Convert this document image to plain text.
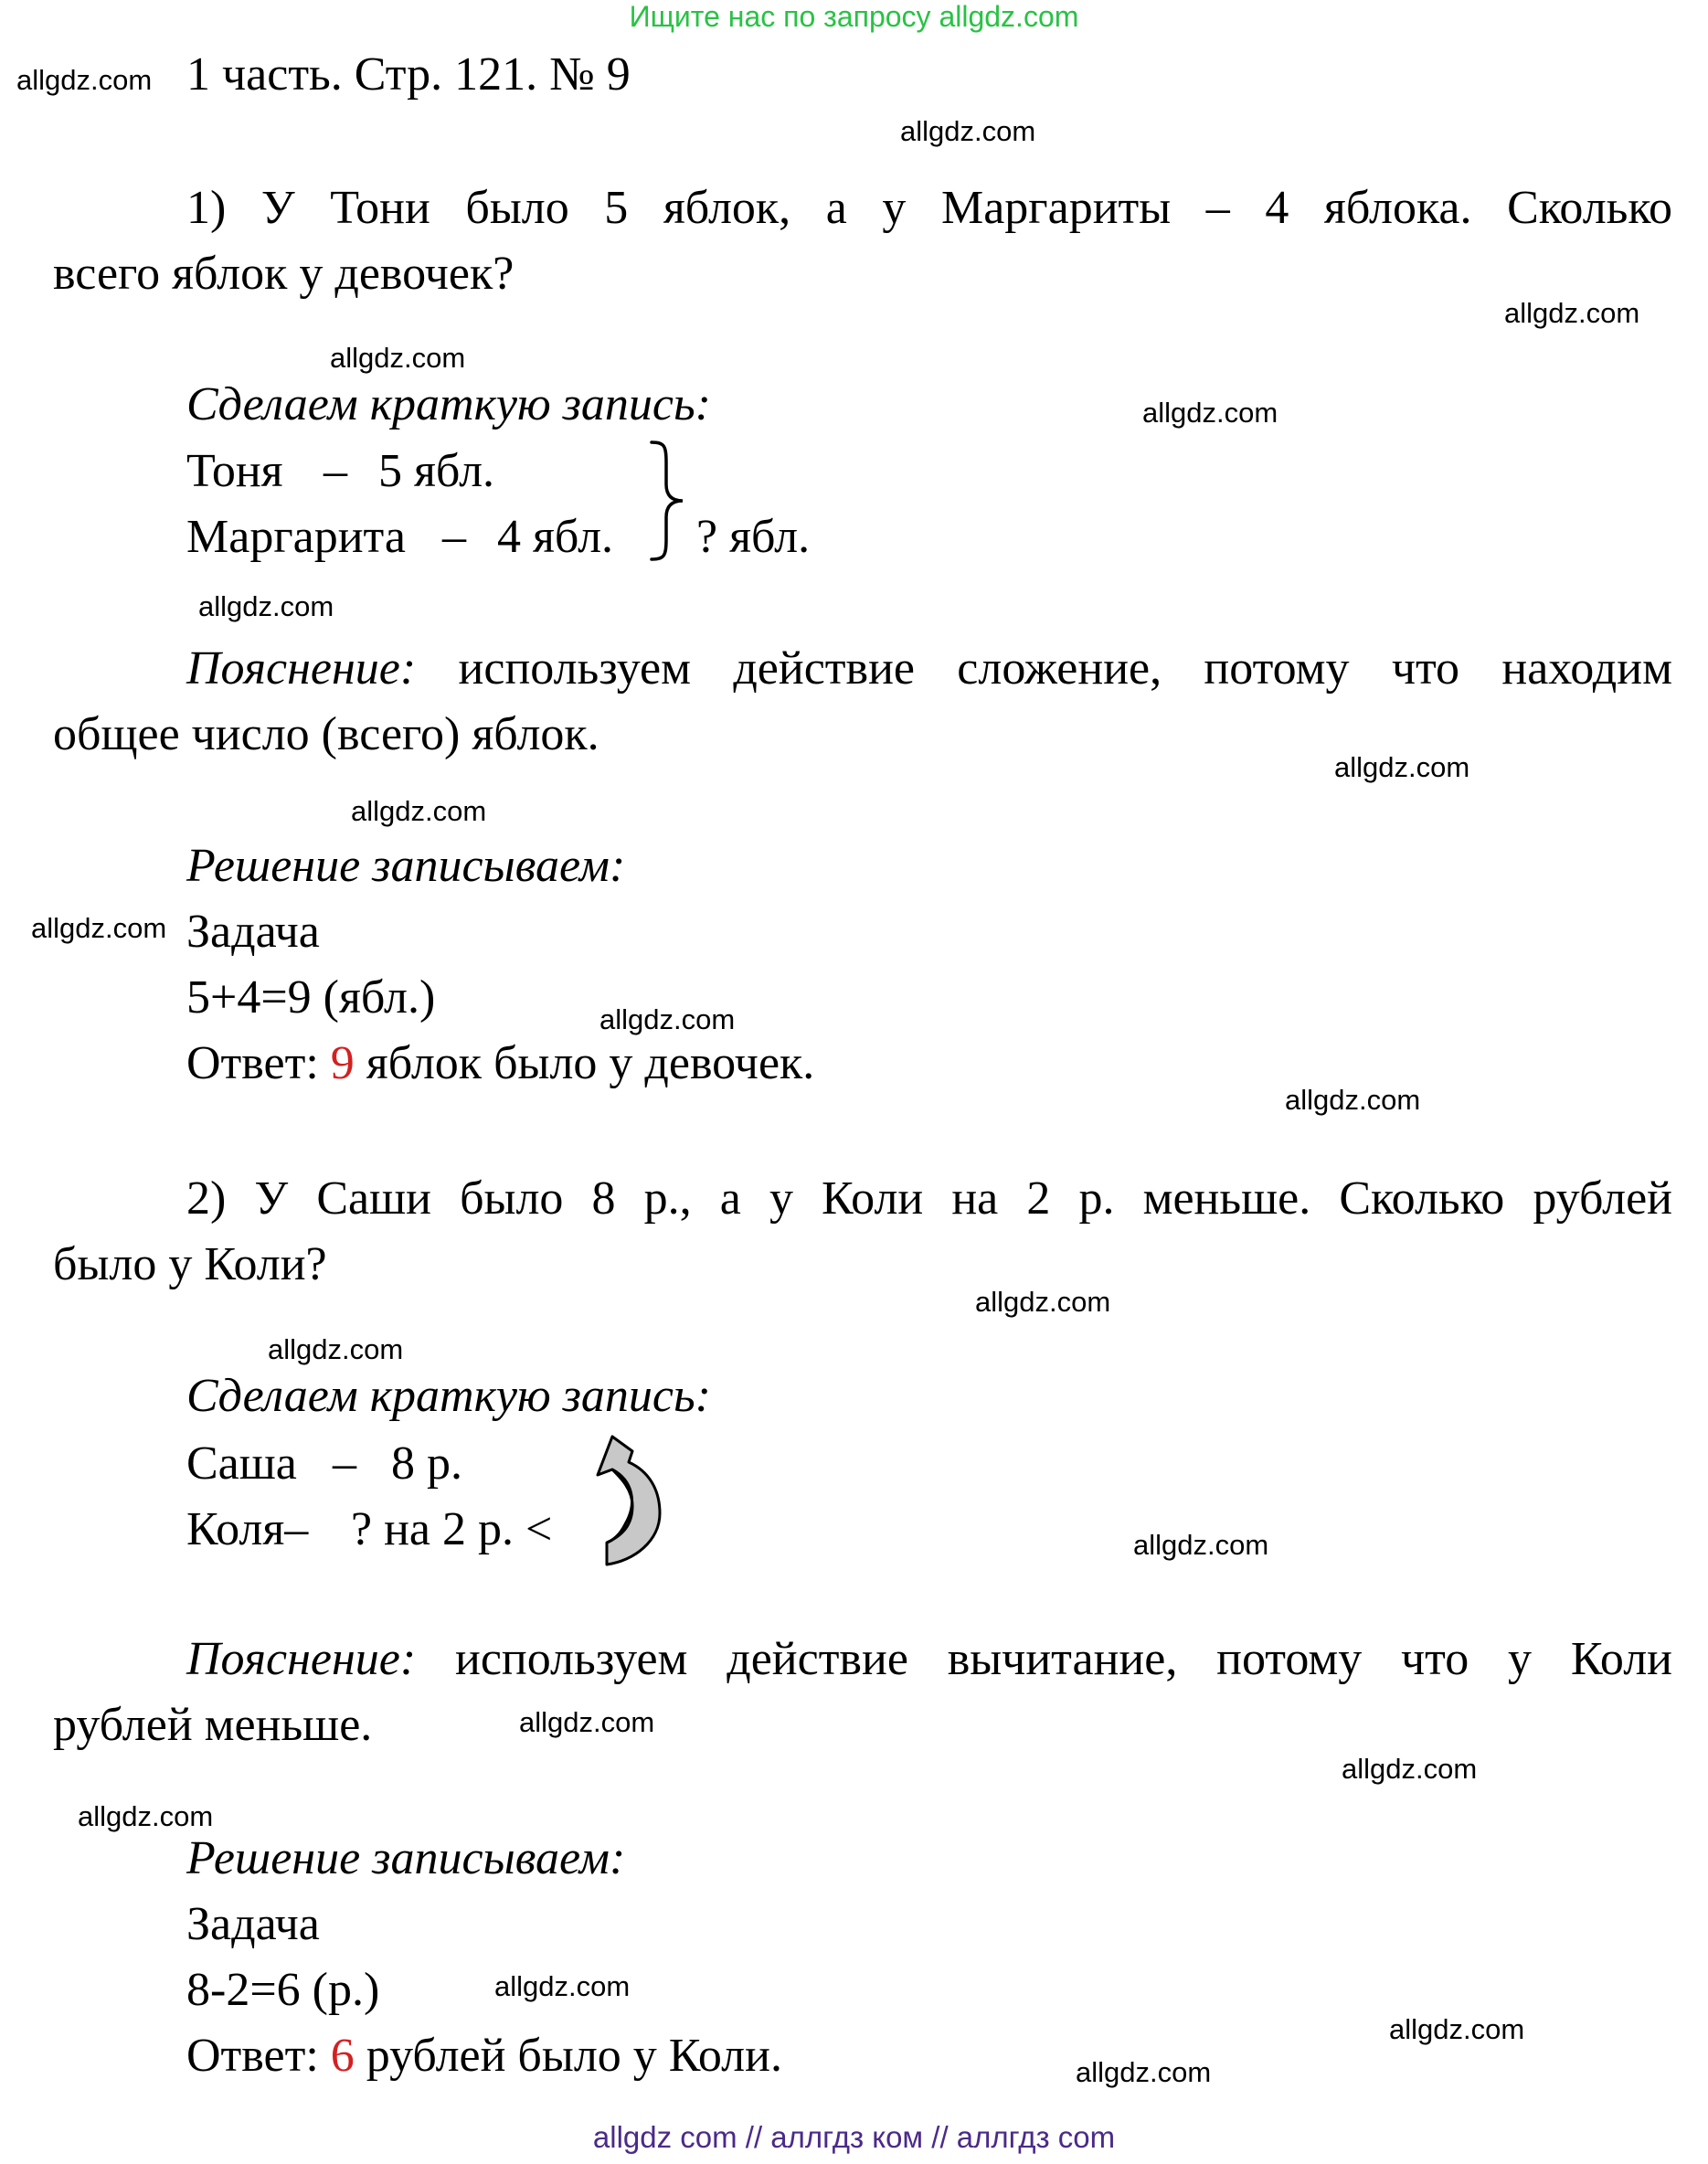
Ищите нас по запросу allgdz.com
1 часть. Стр. 121. № 9
1) У Тони было 5 яблок, а у Маргариты – 4 яблока. Сколько
всего яблок у девочек?
Сделаем краткую запись:
Тоня – 5 ябл.
Маргарита – 4 ябл. ? ябл.
Пояснение: используем действие сложение, потому что находим
общее число (всего) яблок.
Решение записываем:
Задача
5+4=9 (ябл.)
Ответ: 9 яблок было у девочек.
2) У Саши было 8 р., а у Коли на 2 р. меньше. Сколько рублей
было у Коли?
Сделаем краткую запись:
Саша – 8 р.
Коля– ? на 2 р. <
Пояснение: используем действие вычитание, потому что у Коли
рублей меньше.
Решение записываем:
Задача
8-2=6 (р.)
Ответ: 6 рублей было у Коли.
allgdz.com
allgdz.com
allgdz.com
allgdz.com
allgdz.com
allgdz.com
allgdz.com
allgdz.com
allgdz.com
allgdz.com
allgdz.com
allgdz.com
allgdz.com
allgdz.com
allgdz.com
allgdz.com
allgdz.com
allgdz.com
allgdz.com
allgdz.com
allgdz com // аллгдз ком // аллгдз com
